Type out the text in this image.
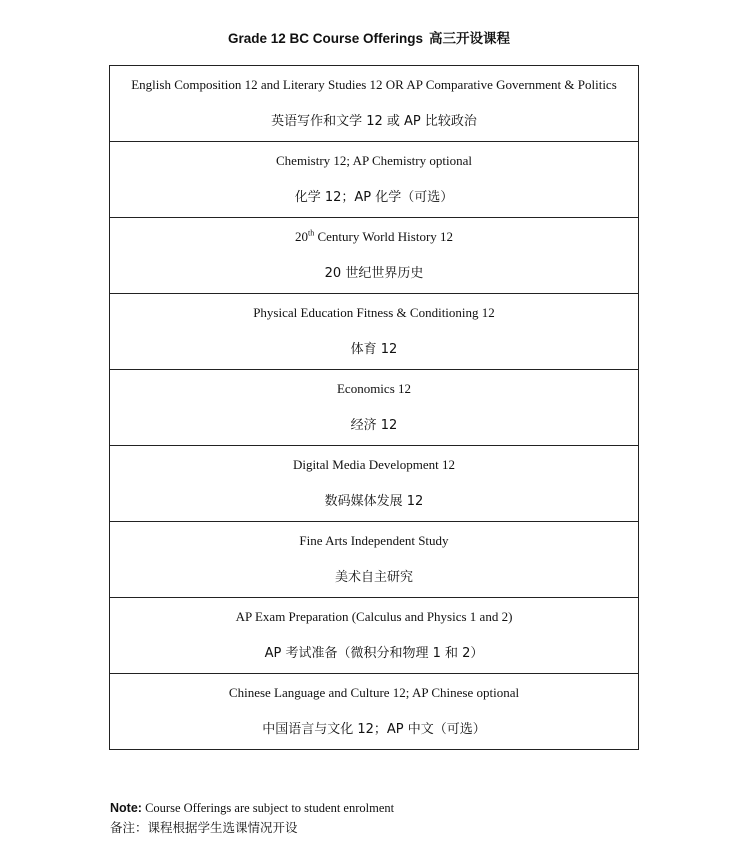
Grade 12 BC Course Offerings 高三开设课程
English Composition 12 and Literary Studies 12 OR AP Comparative Government & Politics
英语写作和文学 12 或 AP 比较政治

Chemistry 12; AP Chemistry optional
化学 12；AP 化学（可选）

20th Century World History 12
20 世纪世界历史

Physical Education Fitness & Conditioning 12
体育 12

Economics 12
经济 12

Digital Media Development 12
数码媒体发展 12

Fine Arts Independent Study
美术自主研究

AP Exam Preparation (Calculus and Physics 1 and 2)
AP 考试准备（微积分和物理 1 和 2）

Chinese Language and Culture 12; AP Chinese optional
中国语言与文化 12；AP 中文（可选）
Note: Course Offerings are subject to student enrolment
备注：课程根据学生选课情况开设
